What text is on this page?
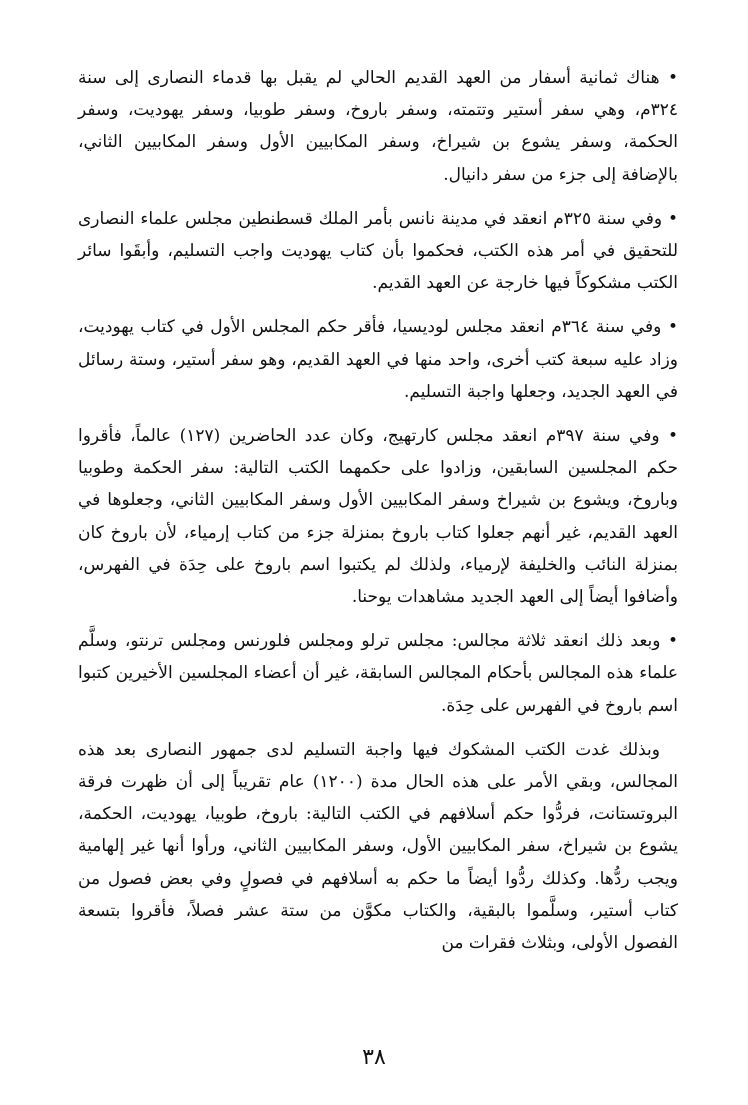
• هناك ثمانية أسفار من العهد القديم الحالي لم يقبل بها قدماء النصارى إلى سنة ٣٢٤م، وهي سفر أستير وتتمته، وسفر باروخ، وسفر طوبيا، وسفر يهوديت، وسفر الحكمة، وسفر يشوع بن شيراخ، وسفر المكابيين الأول وسفر المكابيين الثاني، بالإضافة إلى جزء من سفر دانيال.

• وفي سنة ٣٢٥م انعقد في مدينة نانس بأمر الملك قسطنطين مجلس علماء النصارى للتحقيق في أمر هذه الكتب، فحكموا بأن كتاب يهوديت واجب التسليم، وأبقَوا سائر الكتب مشكوكاً فيها خارجة عن العهد القديم.

• وفي سنة ٣٦٤م انعقد مجلس لوديسيا، فأقر حكم المجلس الأول في كتاب يهوديت، وزاد عليه سبعة كتب أخرى، واحد منها في العهد القديم، وهو سفر أستير، وستة رسائل في العهد الجديد، وجعلها واجبة التسليم.

• وفي سنة ٣٩٧م انعقد مجلس كارتهيج، وكان عدد الحاضرين (١٢٧) عالماً، فأقروا حكم المجلسين السابقين، وزادوا على حكمهما الكتب التالية: سفر الحكمة وطوبيا وباروخ، ويشوع بن شيراخ وسفر المكابيين الأول وسفر المكابيين الثاني، وجعلوها في العهد القديم، غير أنهم جعلوا كتاب باروخ بمنزلة جزء من كتاب إرمياء، لأن باروخ كان بمنزلة النائب والخليفة لإرمياء، ولذلك لم يكتبوا اسم باروخ على حِدَة في الفهرس، وأضافوا أيضاً إلى العهد الجديد مشاهدات يوحنا.

• وبعد ذلك انعقد ثلاثة مجالس: مجلس ترلو ومجلس فلورنس ومجلس ترنتو، وسلَّم علماء هذه المجالس بأحكام المجالس السابقة، غير أن أعضاء المجلسين الأخيرين كتبوا اسم باروخ في الفهرس على حِدَة.

وبذلك غدت الكتب المشكوك فيها واجبة التسليم لدى جمهور النصارى بعد هذه المجالس، وبقي الأمر على هذه الحال مدة (١٢٠٠) عام تقريباً إلى أن ظهرت فرقة البروتستانت، فردُّوا حكم أسلافهم في الكتب التالية: باروخ، طوبيا، يهوديت، الحكمة، يشوع بن شيراخ، سفر المكابيين الأول، وسفر المكابيين الثاني، ورأوا أنها غير إلهامية ويجب ردُّها. وكذلك ردُّوا أيضاً ما حكم به أسلافهم في فصولٍ وفي بعض فصول من كتاب أستير، وسلَّموا بالبقية، والكتاب مكوَّن من ستة عشر فصلاً، فأقروا بتسعة الفصول الأولى، وبثلاث فقرات من

٣٨
